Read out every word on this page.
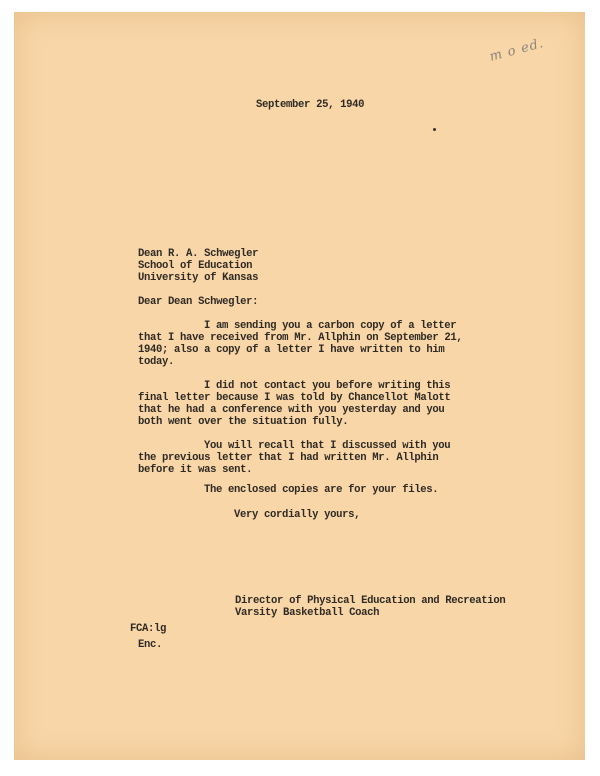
m o ed.
September 25, 1940
Dean R. A. Schwegler
School of Education
University of Kansas
Dear Dean Schwegler:
I am sending you a carbon copy of a letter
that I have received from Mr. Allphin on September 21,
1940; also a copy of a letter I have written to him
today.
I did not contact you before writing this
final letter because I was told by Chancellot Malott
that he had a conference with you yesterday and you
both went over the situation fully.
You will recall that I discussed with you
the previous letter that I had written Mr. Allphin
before it was sent.
The enclosed copies are for your files.
Very cordially yours,
Director of Physical Education and Recreation
Varsity Basketball Coach
FCA:lg
Enc.
